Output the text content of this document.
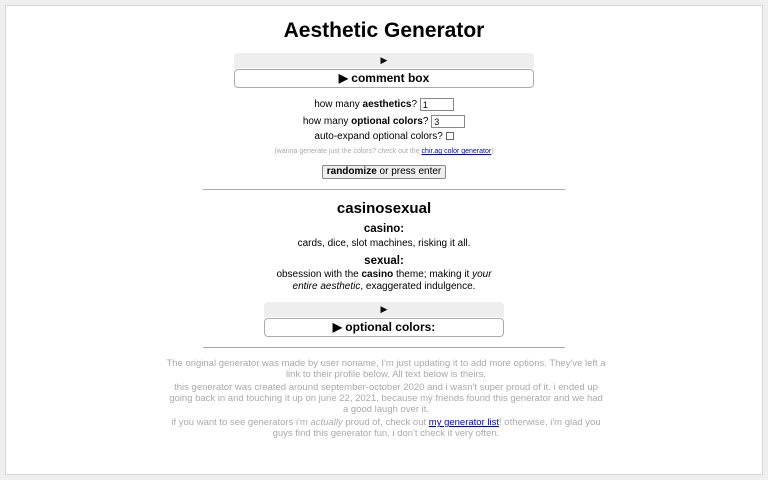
Aesthetic Generator
▶
▶ comment box
how many aesthetics? 1
how many optional colors? 3
auto-expand optional colors?
(wanna generate just the colors? check out the chir.ag color generator)
randomize or press enter
casinosexual
casino:
cards, dice, slot machines, risking it all.
sexual:
obsession with the casino theme; making it your entire aesthetic, exaggerated indulgence.
▶
▶ optional colors:
The original generator was made by user noname, I'm just updating it to add more options. They've left a link to their profile below. All text below is theirs.
this generator was created around september-october 2020 and i wasn't super proud of it. i ended up going back in and touching it up on june 22, 2021, because my friends found this generator and we had a good laugh over it.
if you want to see generators i'm actually proud of, check out my generator list! otherwise, i'm glad you guys find this generator fun. i don't check it very often.
